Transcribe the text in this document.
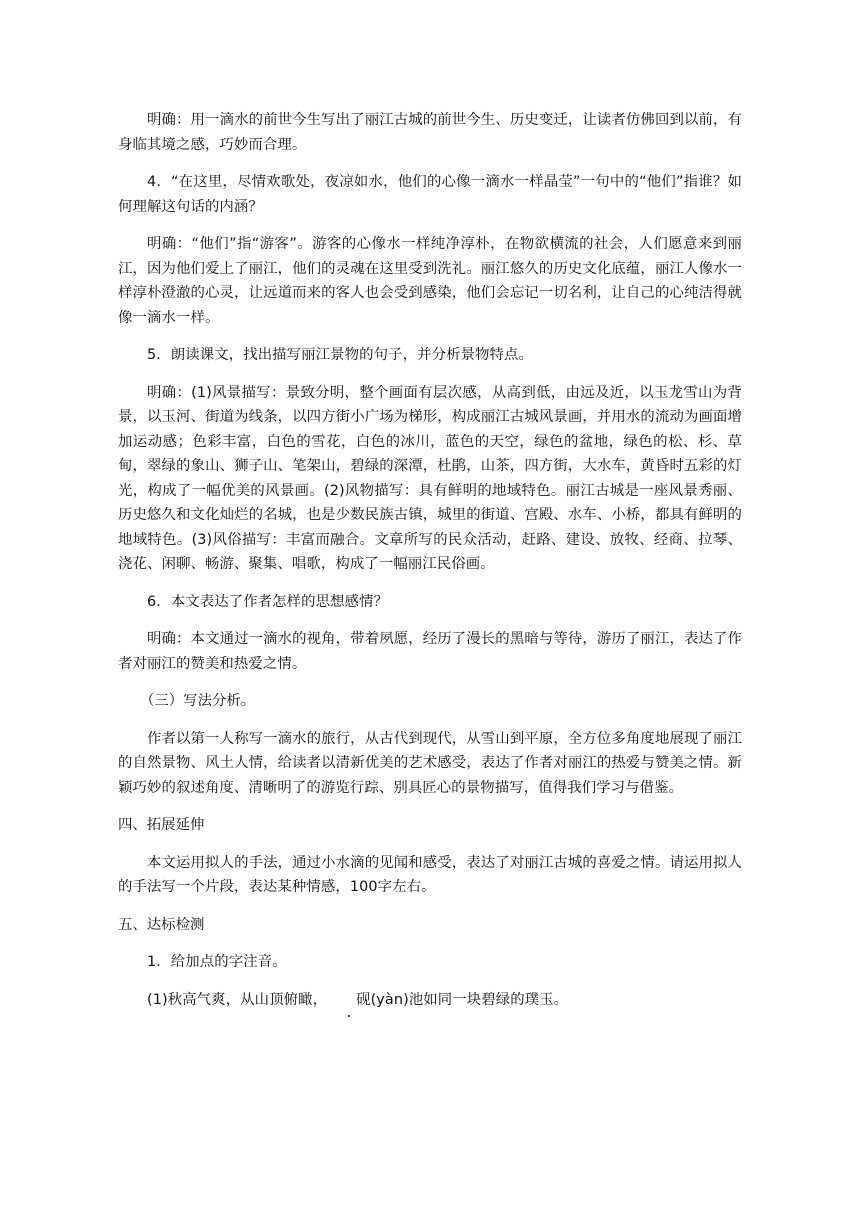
明确：用一滴水的前世今生写出了丽江古城的前世今生、历史变迁，让读者仿佛回到以前，有身临其境之感，巧妙而合理。

4．“在这里，尽情欢歌处，夜凉如水，他们的心像一滴水一样晶莹”一句中的“他们”指谁？如何理解这句话的内涵？

明确：“他们”指“游客”。游客的心像水一样纯净淳朴，在物欲横流的社会，人们愿意来到丽江，因为他们爱上了丽江，他们的灵魂在这里受到洗礼。丽江悠久的历史文化底蕴，丽江人像水一样淳朴澄澈的心灵，让远道而来的客人也会受到感染，他们会忘记一切名利，让自己的心纯洁得就像一滴水一样。

5．朗读课文，找出描写丽江景物的句子，并分析景物特点。

明确：(1)风景描写：景致分明，整个画面有层次感，从高到低，由远及近，以玉龙雪山为背景，以玉河、街道为线条，以四方街小广场为梯形，构成丽江古城风景画，并用水的流动为画面增加运动感；色彩丰富，白色的雪花，白色的冰川，蓝色的天空，绿色的盆地，绿色的松、杉、草甸，翠绿的象山、狮子山、笔架山，碧绿的深潭，杜鹃，山茶，四方街，大水车，黄昏时五彩的灯光，构成了一幅优美的风景画。(2)风物描写：具有鲜明的地域特色。丽江古城是一座风景秀丽、历史悠久和文化灿烂的名城，也是少数民族古镇，城里的街道、宫殿、水车、小桥，都具有鲜明的地域特色。(3)风俗描写：丰富而融合。文章所写的民众活动，赶路、建设、放牧、经商、拉琴、浇花、闲聊、畅游、聚集、唱歌，构成了一幅丽江民俗画。

6．本文表达了作者怎样的思想感情？

明确：本文通过一滴水的视角，带着夙愿，经历了漫长的黑暗与等待，游历了丽江，表达了作者对丽江的赞美和热爱之情。

（三）写法分析。

作者以第一人称写一滴水的旅行，从古代到现代，从雪山到平原，全方位多角度地展现了丽江的自然景物、风土人情，给读者以清新优美的艺术感受，表达了作者对丽江的热爱与赞美之情。新颖巧妙的叙述角度、清晰明了的游览行踪、别具匠心的景物描写，值得我们学习与借鉴。

四、拓展延伸

本文运用拟人的手法，通过小水滴的见闻和感受，表达了对丽江古城的喜爱之情。请运用拟人的手法写一个片段，表达某种情感，100字左右。

五、达标检测

1．给加点的字注音。

(1)秋高气爽，从山顶俯瞰， 砚(yàn)池如同一块碧绿的璞玉。
